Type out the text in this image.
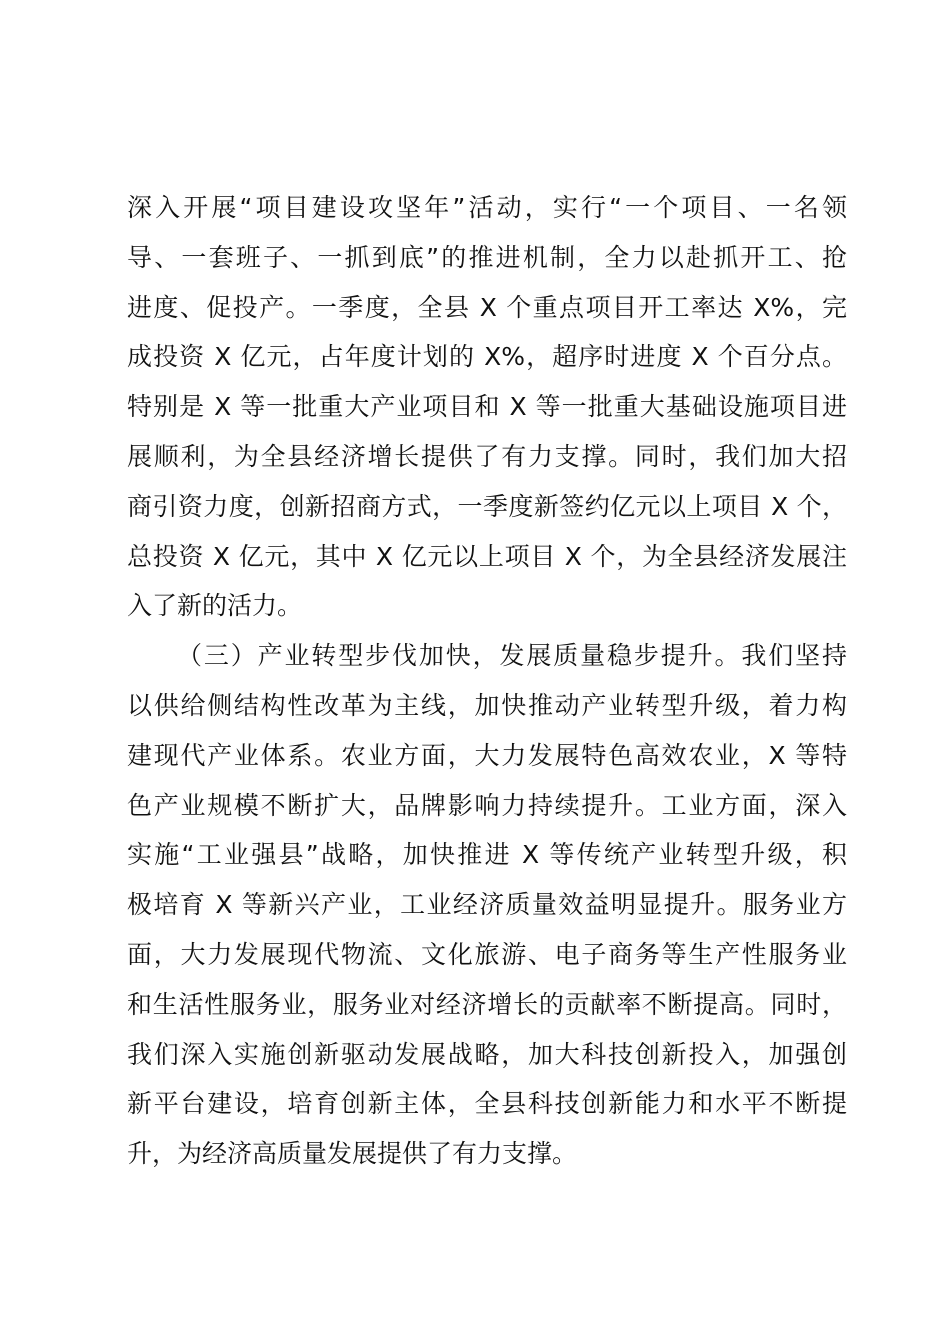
深入开展“项目建设攻坚年”活动，实行“一个项目、一名领
导、一套班子、一抓到底”的推进机制，全力以赴抓开工、抢
进度、促投产。一季度，全县 X 个重点项目开工率达 X%，完
成投资 X 亿元，占年度计划的 X%，超序时进度 X 个百分点。
特别是 X 等一批重大产业项目和 X 等一批重大基础设施项目进
展顺利，为全县经济增长提供了有力支撑。同时，我们加大招
商引资力度，创新招商方式，一季度新签约亿元以上项目 X 个，
总投资 X 亿元，其中 X 亿元以上项目 X 个，为全县经济发展注
入了新的活力。
（三）产业转型步伐加快，发展质量稳步提升。我们坚持
以供给侧结构性改革为主线，加快推动产业转型升级，着力构
建现代产业体系。农业方面，大力发展特色高效农业，X 等特
色产业规模不断扩大，品牌影响力持续提升。工业方面，深入
实施“工业强县”战略，加快推进 X 等传统产业转型升级，积
极培育 X 等新兴产业，工业经济质量效益明显提升。服务业方
面，大力发展现代物流、文化旅游、电子商务等生产性服务业
和生活性服务业，服务业对经济增长的贡献率不断提高。同时，
我们深入实施创新驱动发展战略，加大科技创新投入，加强创
新平台建设，培育创新主体，全县科技创新能力和水平不断提
升，为经济高质量发展提供了有力支撑。
